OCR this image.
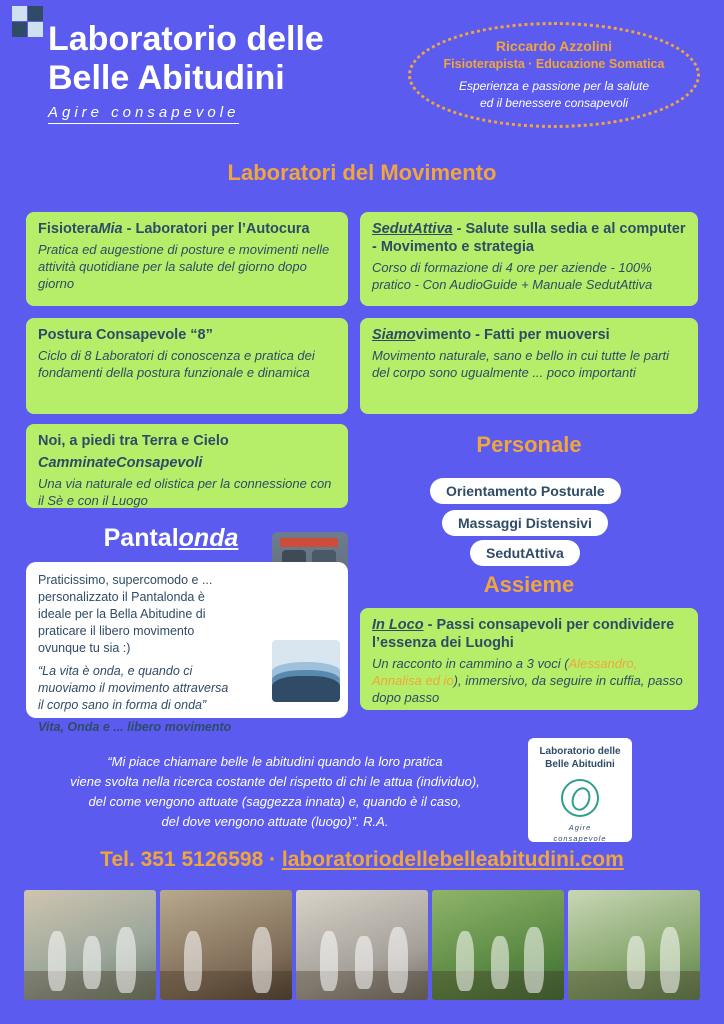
Laboratorio delle
Belle Abitudini
Agire consapevole
Riccardo Azzolini
Fisioterapista · Educazione Somatica
Esperienza e passione per la salute
ed il benessere consapevoli
Laboratori del Movimento
FisioteraMia - Laboratori per l’Autocura
Pratica ed augestione di posture e movimenti nelle attività quotidiane per la salute del giorno dopo giorno
SedutAttiva - Salute sulla sedia e al computer - Movimento e strategia
Corso di formazione di 4 ore per aziende - 100% pratico - Con AudioGuide + Manuale SedutAttiva
Postura Consapevole “8”
Ciclo di 8 Laboratori di conoscenza e pratica dei fondamenti della postura funzionale e dinamica
Siamovimento - Fatti per muoversi
Movimento naturale, sano e bello in cui tutte le parti del corpo sono ugualmente ... poco importanti
Noi, a piedi tra Terra e Cielo
CamminateConsapevoli
Una via naturale ed olistica per la connessione con il Sè e con il Luogo
Personale
Orientamento Posturale
Massaggi Distensivi
SedutAttiva
Pantalonda
Praticissimo, supercomodo e ... personalizzato il Pantalonda è ideale per la Bella Abitudine di praticare il libero movimento ovunque tu sia :)
“La vita è onda, e quando ci muoviamo il movimento attraversa il corpo sano in forma di onda”
Vita, Onda e ... libero movimento
Assieme
In Loco - Passi consapevoli per condividere l’essenza dei Luoghi
Un racconto in cammino a 3 voci (Alessandro, Annalisa ed io), immersivo, da seguire in cuffia, passo dopo passo
“Mi piace chiamare belle le abitudini quando la loro pratica
viene svolta nella ricerca costante del rispetto di chi le attua (individuo),
del come vengono attuate (saggezza innata) e, quando è il caso,
del dove vengono attuate (luogo)”. R.A.
Laboratorio delle
Belle Abitudini
Agire
consapevole
Tel. 351 5126598 · laboratoriodellebelleabitudini.com
